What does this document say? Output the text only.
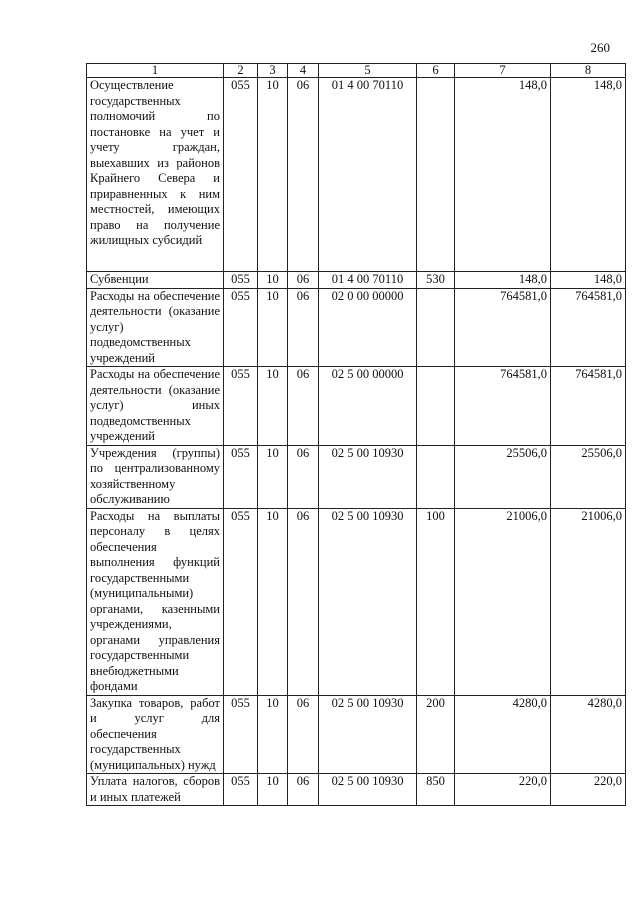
260
1	2	3	4	5	6	7	8
Осуществление государственных полномочий по постановке на учет и учету граждан, выехавших из районов Крайнего Севера и приравненных к ним местностей, имеющих право на получение жилищных субсидий	055	10	06	01 4 00 70110		148,0	148,0
Субвенции	055	10	06	01 4 00 70110	530	148,0	148,0
Расходы на обеспечение деятельности (оказание услуг) подведомственных учреждений	055	10	06	02 0 00 00000		764581,0	764581,0
Расходы на обеспечение деятельности (оказание услуг) иных подведомственных учреждений	055	10	06	02 5 00 00000		764581,0	764581,0
Учреждения (группы) по централизованному хозяйственному обслуживанию	055	10	06	02 5 00 10930		25506,0	25506,0
Расходы на выплаты персоналу в целях обеспечения выполнения функций государственными (муниципальными) органами, казенными учреждениями, органами управления государственными внебюджетными фондами	055	10	06	02 5 00 10930	100	21006,0	21006,0
Закупка товаров, работ и услуг для обеспечения государственных (муниципальных) нужд	055	10	06	02 5 00 10930	200	4280,0	4280,0
Уплата налогов, сборов и иных платежей	055	10	06	02 5 00 10930	850	220,0	220,0
